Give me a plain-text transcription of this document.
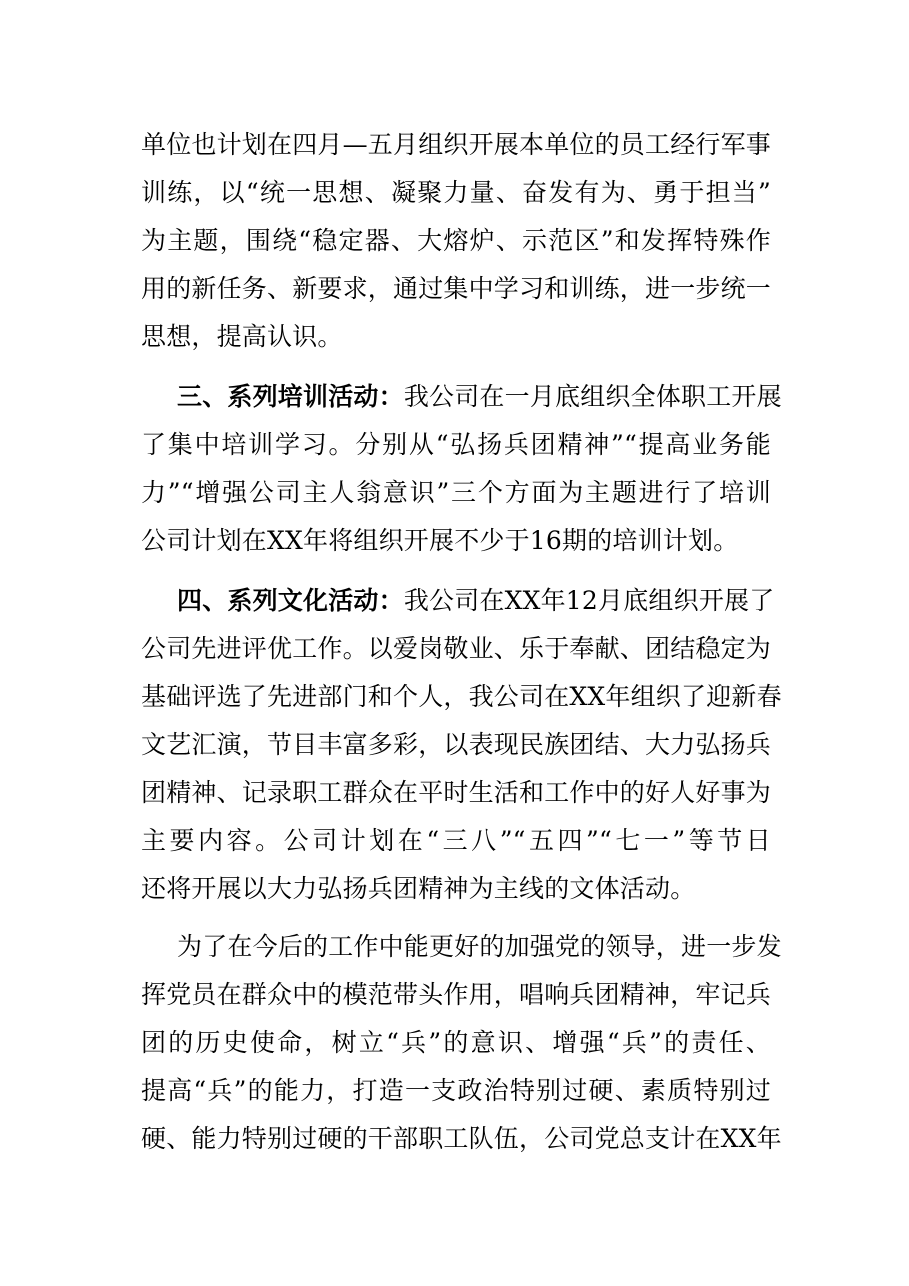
单位也计划在四月—五月组织开展本单位的员工经行军事
训练，以“统一思想、凝聚力量、奋发有为、勇于担当”
为主题，围绕“稳定器、大熔炉、示范区”和发挥特殊作
用的新任务、新要求，通过集中学习和训练，进一步统一
思想，提高认识。
三、系列培训活动：我公司在一月底组织全体职工开展
了集中培训学习。分别从“弘扬兵团精神”“提高业务能
力”“增强公司主人翁意识”三个方面为主题进行了培训
公司计划在XX年将组织开展不少于16期的培训计划。
四、系列文化活动：我公司在XX年12月底组织开展了
公司先进评优工作。以爱岗敬业、乐于奉献、团结稳定为
基础评选了先进部门和个人，我公司在XX年组织了迎新春
文艺汇演，节目丰富多彩，以表现民族团结、大力弘扬兵
团精神、记录职工群众在平时生活和工作中的好人好事为
主要内容。公司计划在“三八”“五四”“七一”等节日
还将开展以大力弘扬兵团精神为主线的文体活动。
为了在今后的工作中能更好的加强党的领导，进一步发
挥党员在群众中的模范带头作用，唱响兵团精神，牢记兵
团的历史使命，树立“兵”的意识、增强“兵”的责任、
提高“兵”的能力，打造一支政治特别过硬、素质特别过
硬、能力特别过硬的干部职工队伍，公司党总支计在XX年
